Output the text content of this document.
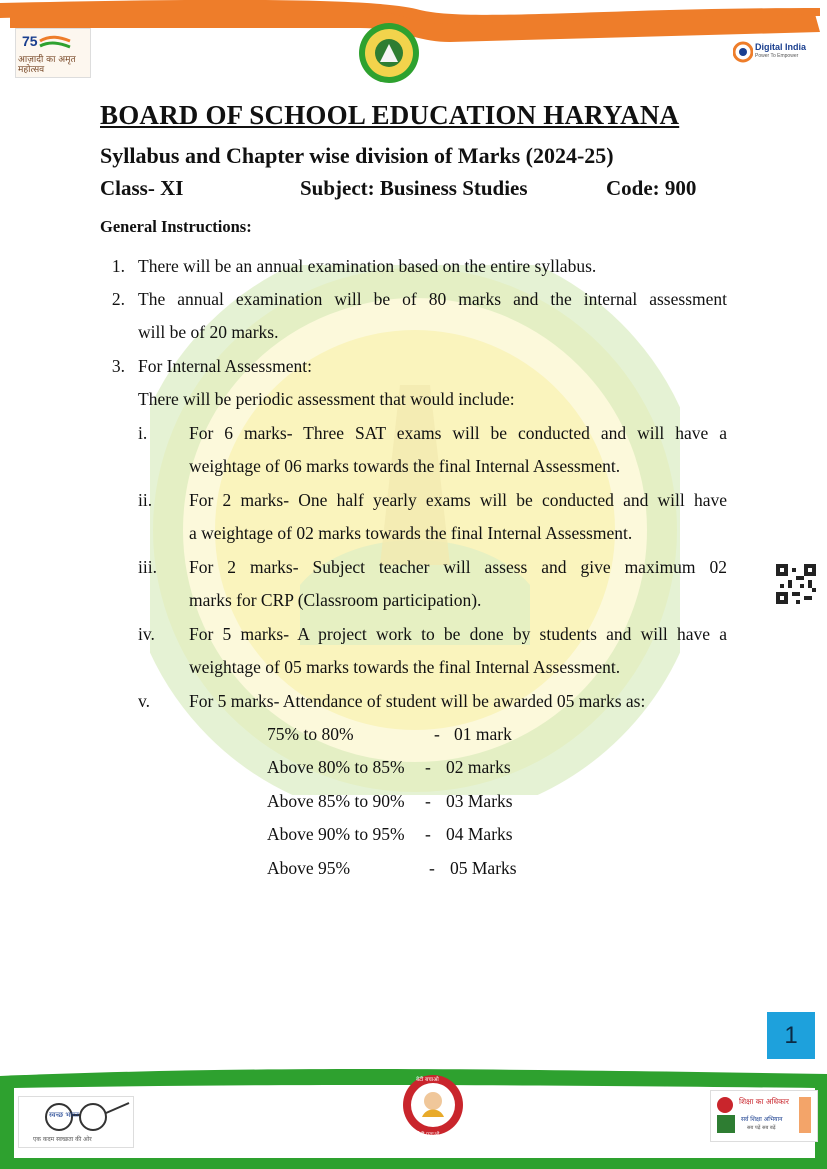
75
आज़ादी का अमृत महोत्सव
Digital India
Power To Empower
BOARD OF SCHOOL EDUCATION HARYANA
Syllabus and Chapter wise division of Marks (2024-25)
Class- XI	Subject: Business Studies	Code: 900
General Instructions:
1. There will be an annual examination based on the entire syllabus.
2. The annual examination will be of 80 marks and the internal assessment
will be of 20 marks.
3. For Internal Assessment:
There will be periodic assessment that would include:
i. For 6 marks- Three SAT exams will be conducted and will have a
weightage of 06 marks towards the final Internal Assessment.
ii. For 2 marks- One half yearly exams will be conducted and will have
a weightage of 02 marks towards the final Internal Assessment.
iii. For 2 marks- Subject teacher will assess and give maximum 02
marks for CRP (Classroom participation).
iv. For 5 marks- A project work to be done by students and will have a
weightage of 05 marks towards the final Internal Assessment.
v. For 5 marks- Attendance of student will be awarded 05 marks as:
75% to 80%	- 01 mark
Above 80% to 85% - 02 marks
Above 85% to 90% - 03 Marks
Above 90% to 95% - 04 Marks
Above 95%	- 05 Marks
1
स्वच्छ भारत
एक कदम स्वच्छता की ओर
बेटी बचाओ
बेटी पढ़ाओ
शिक्षा का अधिकार
सर्व शिक्षा अभियान
सब पढ़ें सब बढ़ें
